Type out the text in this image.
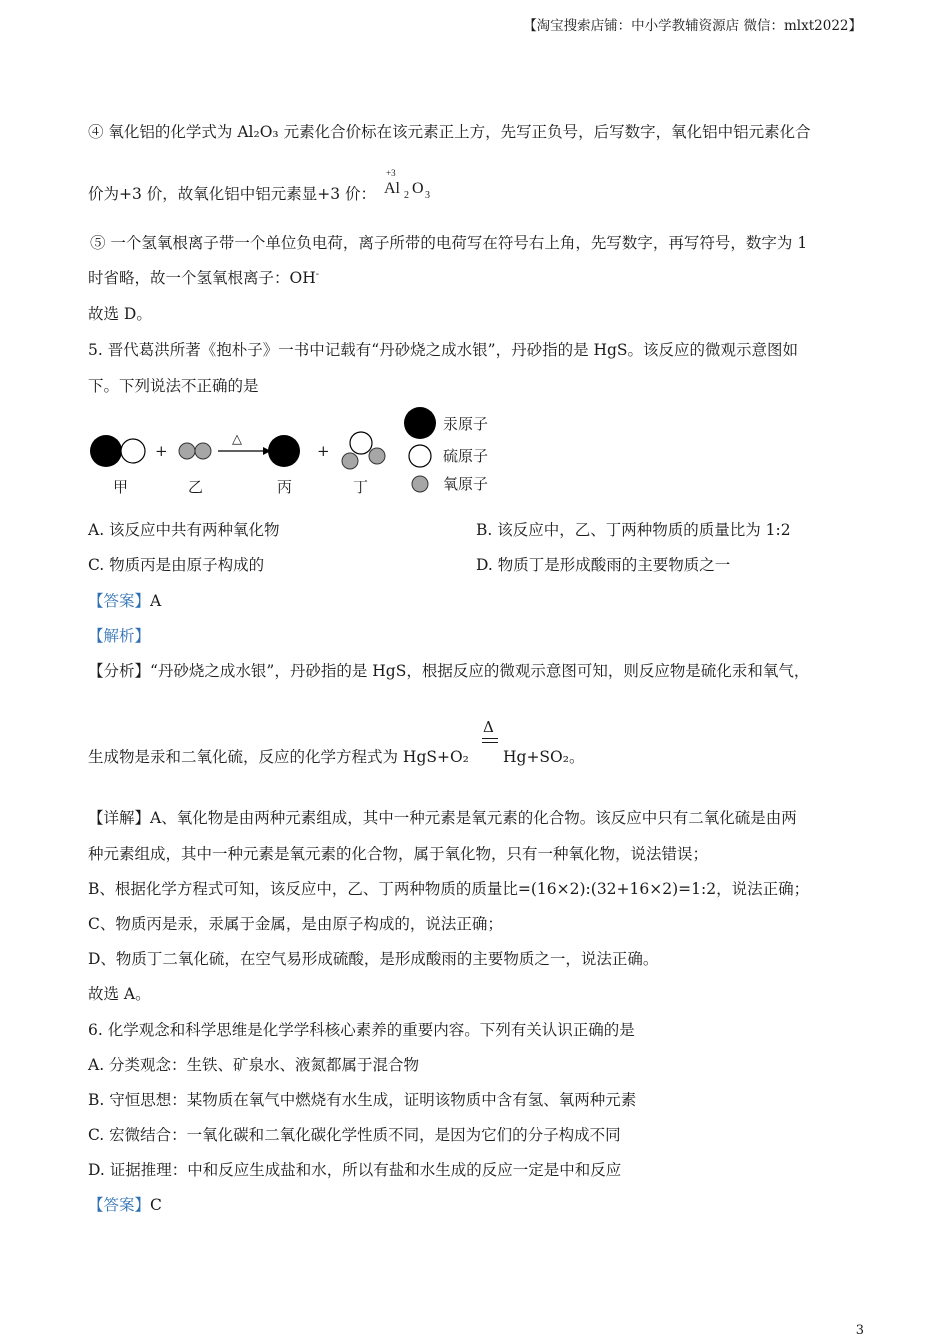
【淘宝搜索店铺：中小学教辅资源店 微信：mlxt2022】
④ 氧化铝的化学式为 Al₂O₃ 元素化合价标在该元素正上方，先写正负号，后写数字，氧化铝中铝元素化合
价为+3 价，故氧化铝中铝元素显+3 价：
+3
Al 2 O 3
⑤ 一个氢氧根离子带一个单位负电荷，离子所带的电荷写在符号右上角，先写数字，再写符号，数字为 1
时省略，故一个氢氧根离子：OH-
故选 D。
5. 晋代葛洪所著《抱朴子》一书中记载有“丹砂烧之成水银”，丹砂指的是 HgS。该反应的微观示意图如
下。下列说法不正确的是
+
△
+
甲	乙	丙	丁
汞原子
硫原子
氧原子
A. 该反应中共有两种氧化物	B. 该反应中，乙、丁两种物质的质量比为 1:2
C. 物质丙是由原子构成的	D. 物质丁是形成酸雨的主要物质之一
【答案】A
【解析】
【分析】“丹砂烧之成水银”，丹砂指的是 HgS，根据反应的微观示意图可知，则反应物是硫化汞和氧气，
生成物是汞和二氧化硫，反应的化学方程式为 HgS+O₂
Δ
Hg+SO₂。
【详解】A、氧化物是由两种元素组成，其中一种元素是氧元素的化合物。该反应中只有二氧化硫是由两
种元素组成，其中一种元素是氧元素的化合物，属于氧化物，只有一种氧化物，说法错误；
B、根据化学方程式可知，该反应中，乙、丁两种物质的质量比=(16×2):(32+16×2)=1:2，说法正确；
C、物质丙是汞，汞属于金属，是由原子构成的，说法正确；
D、物质丁二氧化硫，在空气易形成硫酸，是形成酸雨的主要物质之一，说法正确。
故选 A。
6. 化学观念和科学思维是化学学科核心素养的重要内容。下列有关认识正确的是
A. 分类观念：生铁、矿泉水、液氮都属于混合物
B. 守恒思想：某物质在氧气中燃烧有水生成，证明该物质中含有氢、氧两种元素
C. 宏微结合：一氧化碳和二氧化碳化学性质不同，是因为它们的分子构成不同
D. 证据推理：中和反应生成盐和水，所以有盐和水生成的反应一定是中和反应
【答案】C
3
